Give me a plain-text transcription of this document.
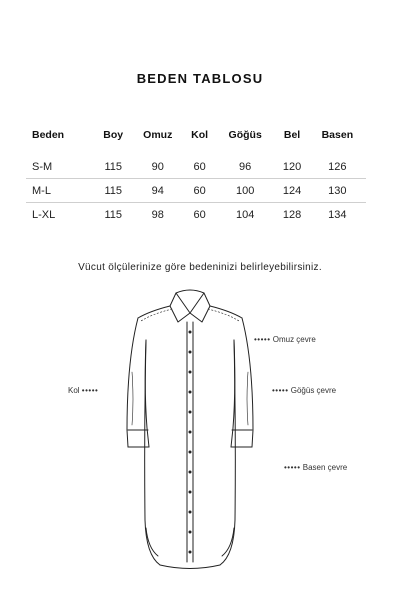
BEDEN TABLOSU
Beden	Boy	Omuz	Kol	Göğüs	Bel	Basen

S-M	115	90	60	96	120	126
M-L	115	94	60	100	124	130
L-XL	115	98	60	104	128	134
Vücut ölçülerinize göre bedeninizi belirleyebilirsiniz.
••••• Omuz çevre
Kol •••••	••••• Göğüs çevre
••••• Basen çevre
